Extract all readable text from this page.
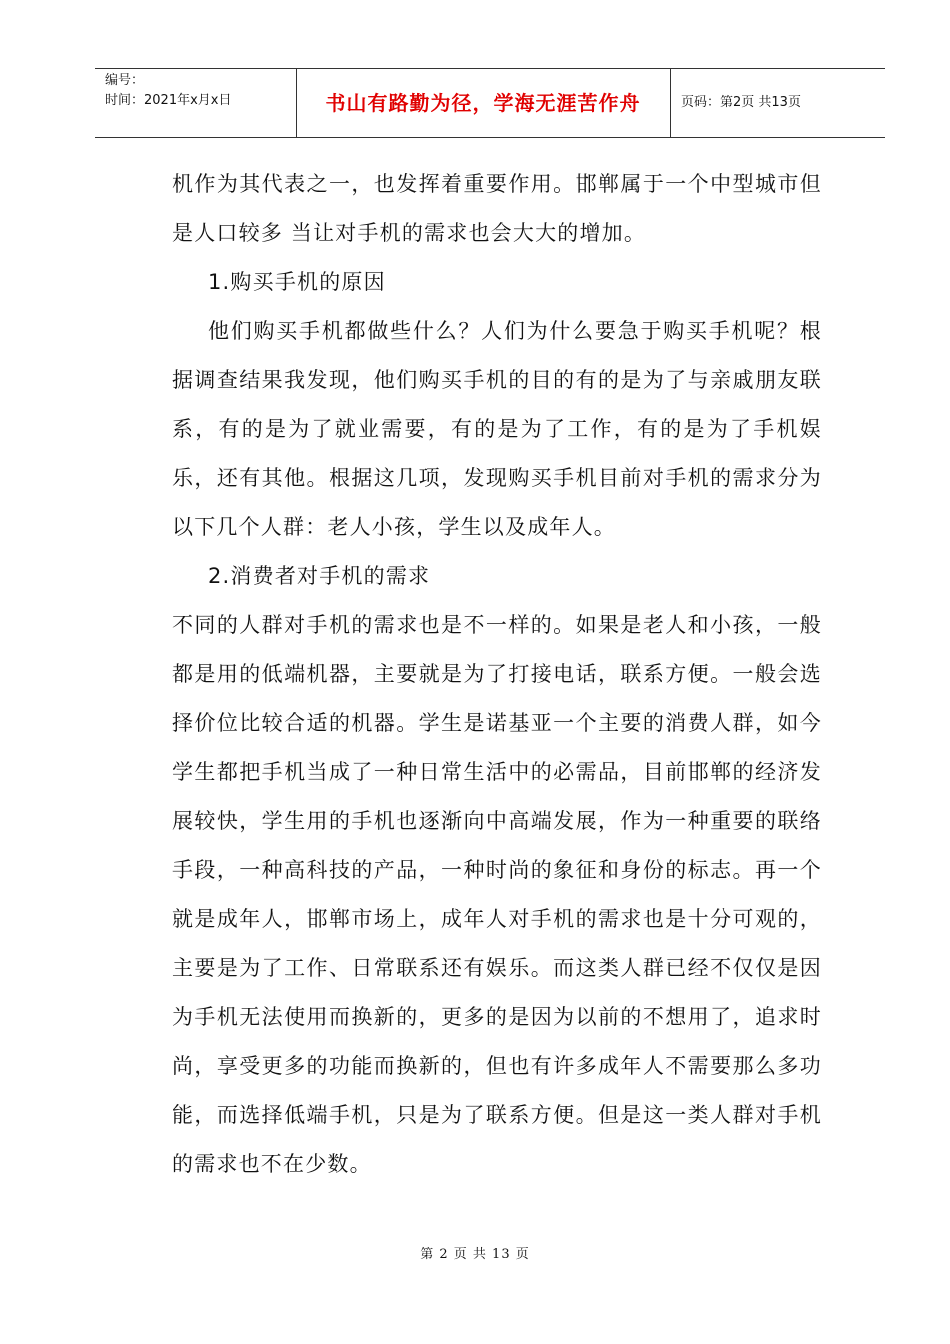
编号：
时间：2021年x月x日	书山有路勤为径，学海无涯苦作舟	页码：第2页 共13页

机作为其代表之一，也发挥着重要作用。邯郸属于一个中型城市但是人口较多 当让对手机的需求也会大大的增加。

1.购买手机的原因

他们购买手机都做些什么？人们为什么要急于购买手机呢？根据调查结果我发现，他们购买手机的目的有的是为了与亲戚朋友联系，有的是为了就业需要，有的是为了工作，有的是为了手机娱乐，还有其他。根据这几项，发现购买手机目前对手机的需求分为以下几个人群：老人小孩，学生以及成年人。

2.消费者对手机的需求

不同的人群对手机的需求也是不一样的。如果是老人和小孩，一般都是用的低端机器，主要就是为了打接电话，联系方便。一般会选择价位比较合适的机器。学生是诺基亚一个主要的消费人群，如今学生都把手机当成了一种日常生活中的必需品，目前邯郸的经济发展较快，学生用的手机也逐渐向中高端发展，作为一种重要的联络手段，一种高科技的产品，一种时尚的象征和身份的标志。再一个就是成年人，邯郸市场上，成年人对手机的需求也是十分可观的，主要是为了工作、日常联系还有娱乐。而这类人群已经不仅仅是因为手机无法使用而换新的，更多的是因为以前的不想用了，追求时尚，享受更多的功能而换新的，但也有许多成年人不需要那么多功能，而选择低端手机，只是为了联系方便。但是这一类人群对手机的需求也不在少数。

第 2 页 共 13 页
